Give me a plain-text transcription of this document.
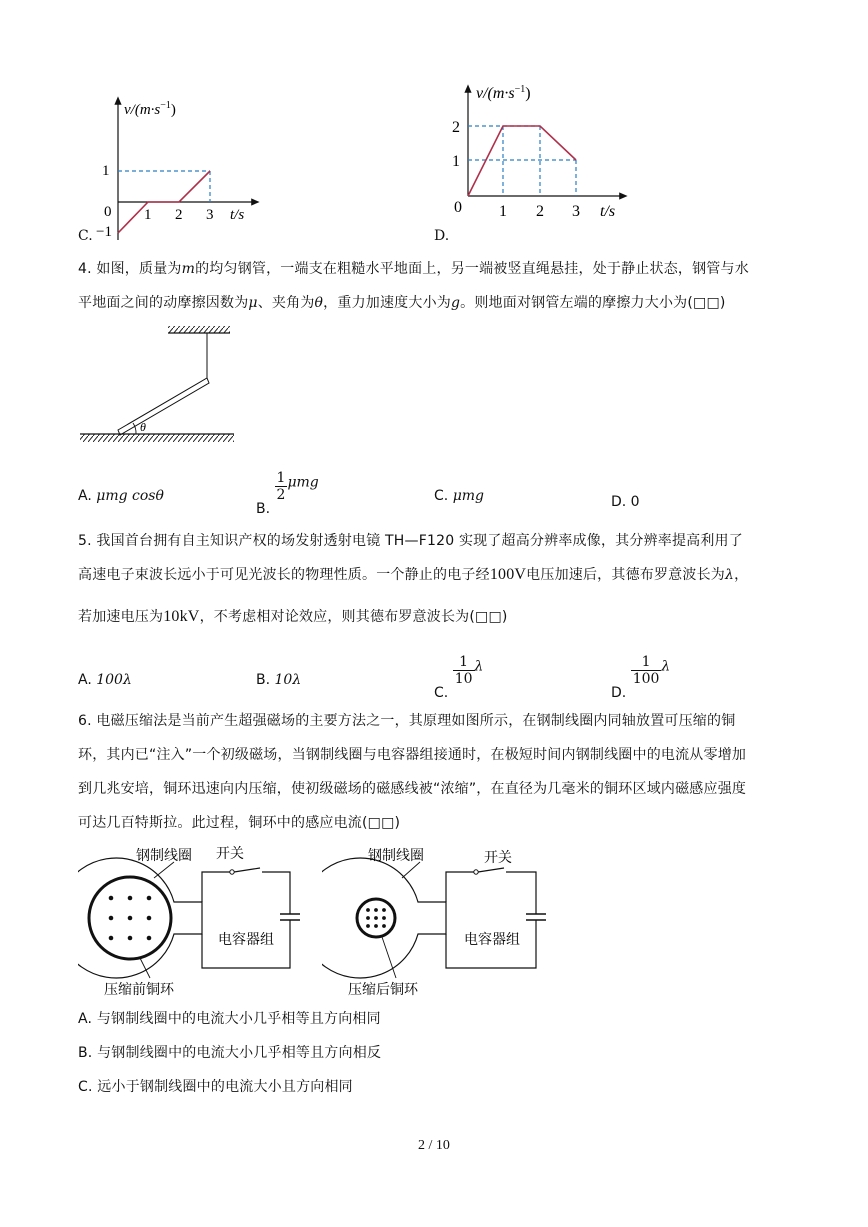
$v/(m\cdot s^{-1})$
1
0 1 2 3 t/s
−1
C.
$v/(m\cdot s^{-1})$
2
1
0 1 2 3 t/s
D.
4. 如图，质量为m的均匀钢管，一端支在粗糙水平地面上，另一端被竖直绳悬挂，处于静止状态，钢管与水
平地面之间的动摩擦因数为μ、夹角为θ，重力加速度大小为g。则地面对钢管左端的摩擦力大小为(□□)
θ
A. μmg cosθ
B.
$\frac{1}{2}$ μmg
C. μmg	D. 0
5. 我国首台拥有自主知识产权的场发射透射电镜 TH—F120 实现了超高分辨率成像，其分辨率提高利用了
高速电子束波长远小于可见光波长的物理性质。一个静止的电子经100V电压加速后，其德布罗意波长为λ，
若加速电压为10kV，不考虑相对论效应，则其德布罗意波长为(□□)
A. 100λ	B. 10λ
C.
$\frac{1}{10}$ λ
D.
$\frac{1}{100}$ λ
6. 电磁压缩法是当前产生超强磁场的主要方法之一，其原理如图所示，在钢制线圈内同轴放置可压缩的铜
环，其内已“注入”一个初级磁场，当钢制线圈与电容器组接通时，在极短时间内钢制线圈中的电流从零增加
到几兆安培，铜环迅速向内压缩，使初级磁场的磁感线被“浓缩”，在直径为几毫米的铜环区域内磁感应强度
可达几百特斯拉。此过程，铜环中的感应电流(□□)
钢制线圈 开关
电容器组
压缩前铜环
钢制线圈	开关
电容器组
压缩后铜环
A. 与钢制线圈中的电流大小几乎相等且方向相同
B. 与钢制线圈中的电流大小几乎相等且方向相反
C. 远小于钢制线圈中的电流大小且方向相同
2 / 10
